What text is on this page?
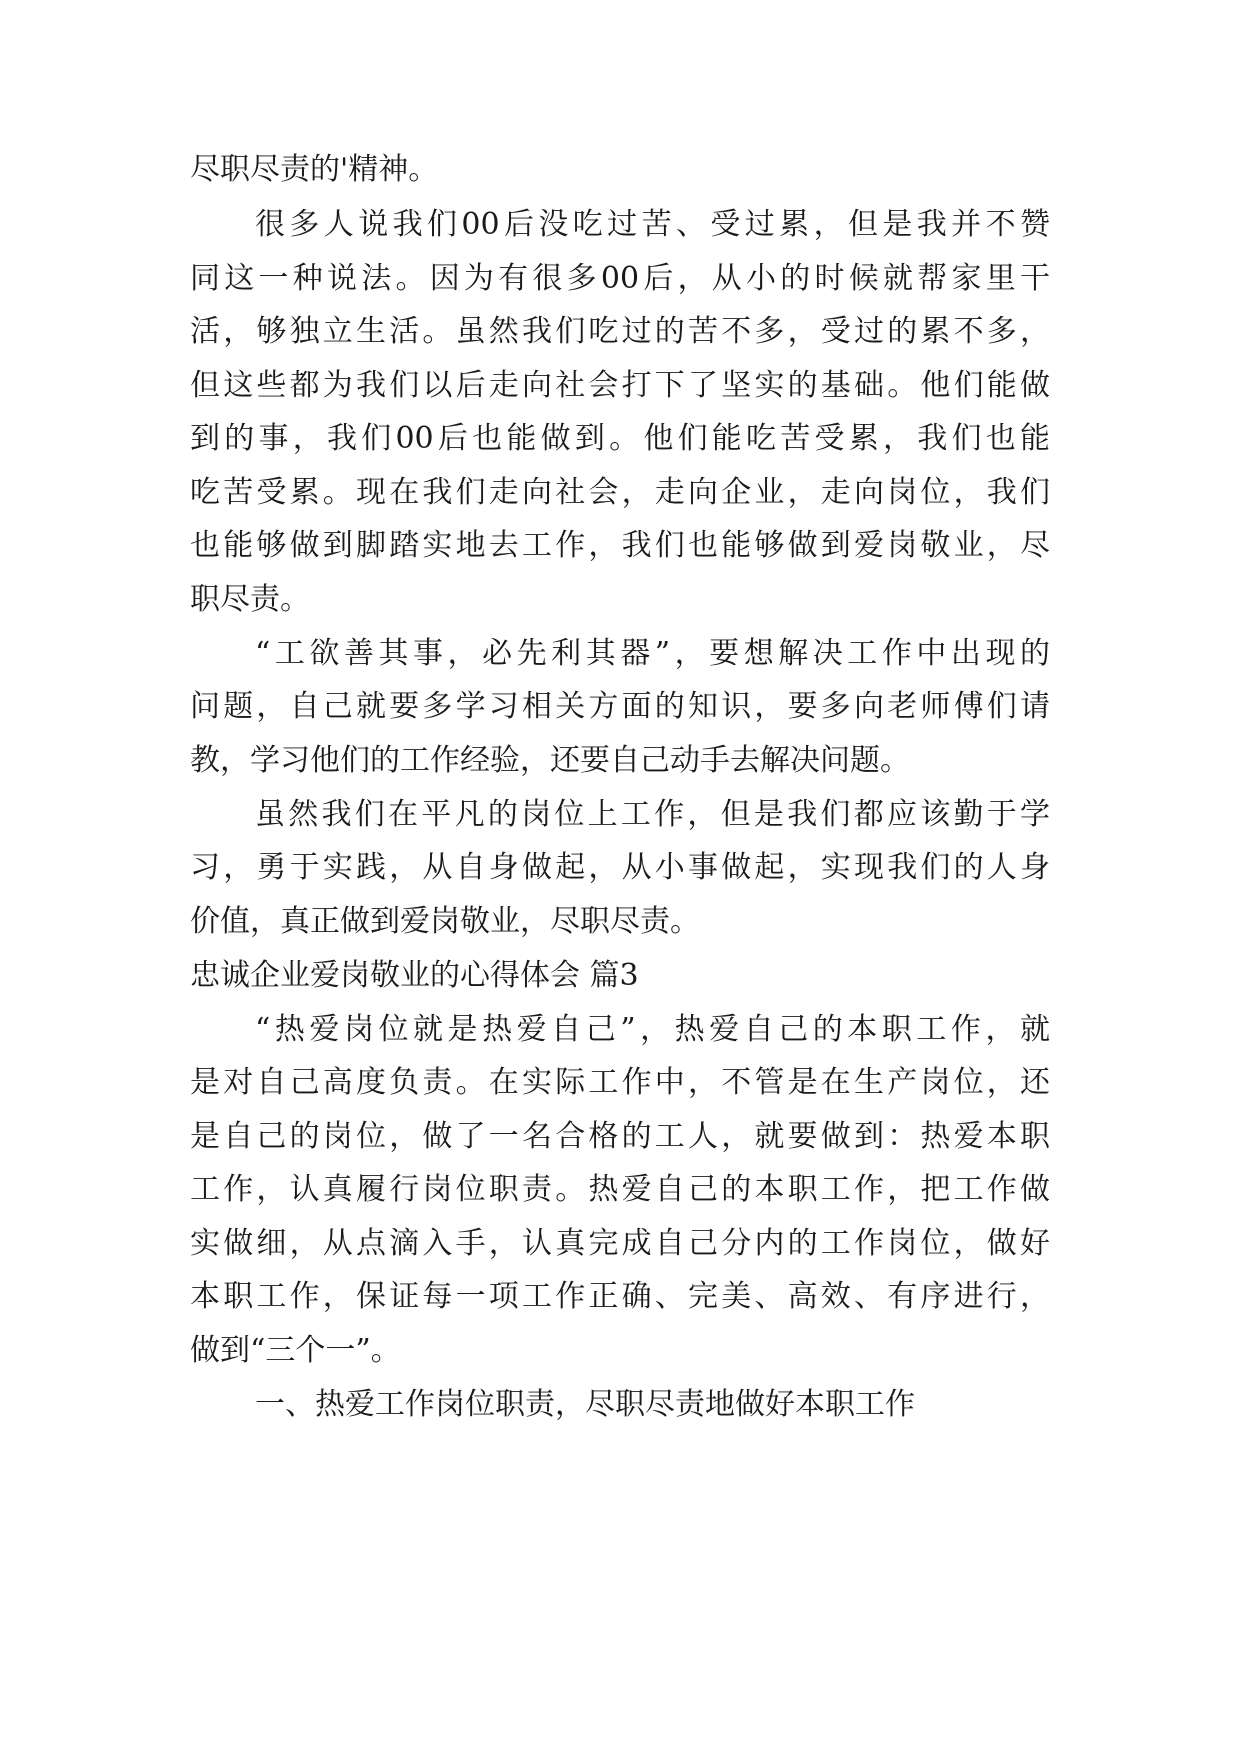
尽职尽责的'精神。
很多人说我们00后没吃过苦、受过累，但是我并不赞
同这一种说法。因为有很多00后，从小的时候就帮家里干
活，够独立生活。虽然我们吃过的苦不多，受过的累不多，
但这些都为我们以后走向社会打下了坚实的基础。他们能做
到的事，我们00后也能做到。他们能吃苦受累，我们也能
吃苦受累。现在我们走向社会，走向企业，走向岗位，我们
也能够做到脚踏实地去工作，我们也能够做到爱岗敬业，尽
职尽责。
“工欲善其事，必先利其器”，要想解决工作中出现的
问题，自己就要多学习相关方面的知识，要多向老师傅们请
教，学习他们的工作经验，还要自己动手去解决问题。
虽然我们在平凡的岗位上工作，但是我们都应该勤于学
习，勇于实践，从自身做起，从小事做起，实现我们的人身
价值，真正做到爱岗敬业，尽职尽责。
忠诚企业爱岗敬业的心得体会 篇3
“热爱岗位就是热爱自己”，热爱自己的本职工作，就
是对自己高度负责。在实际工作中，不管是在生产岗位，还
是自己的岗位，做了一名合格的工人，就要做到：热爱本职
工作，认真履行岗位职责。热爱自己的本职工作，把工作做
实做细，从点滴入手，认真完成自己分内的工作岗位，做好
本职工作，保证每一项工作正确、完美、高效、有序进行，
做到“三个一”。
一、热爱工作岗位职责，尽职尽责地做好本职工作
